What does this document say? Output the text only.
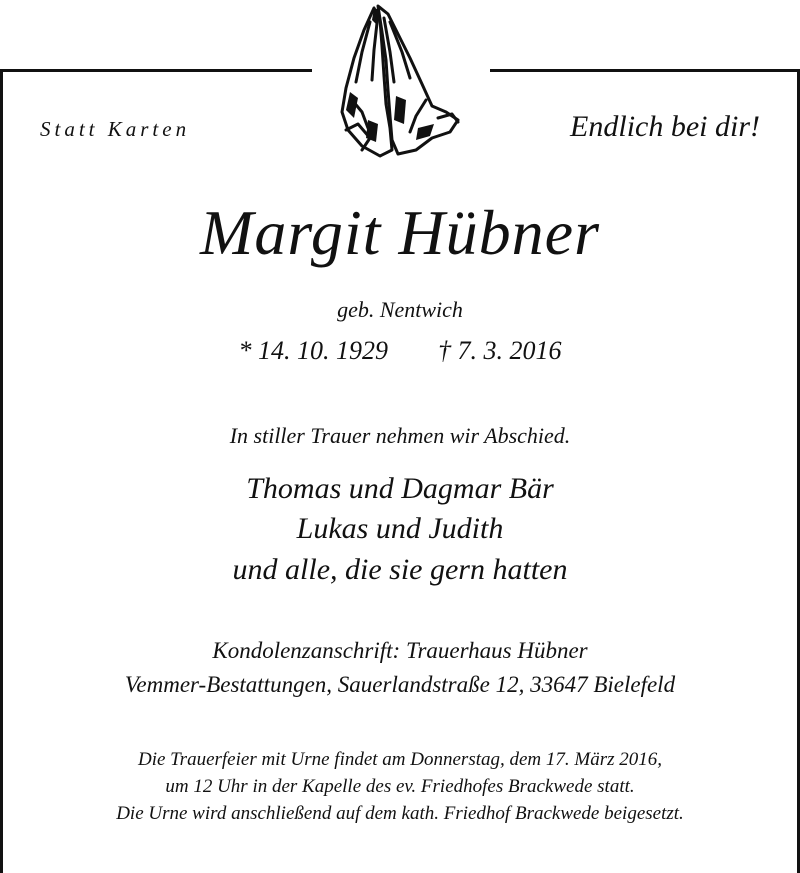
Statt Karten	Endlich bei dir!
Margit Hübner
geb. Nentwich
* 14. 10. 1929 † 7. 3. 2016
In stiller Trauer nehmen wir Abschied.
Thomas und Dagmar Bär
Lukas und Judith
und alle, die sie gern hatten
Kondolenzanschrift: Trauerhaus Hübner
Vemmer-Bestattungen, Sauerlandstraße 12, 33647 Bielefeld
Die Trauerfeier mit Urne findet am Donnerstag, dem 17. März 2016,
um 12 Uhr in der Kapelle des ev. Friedhofes Brackwede statt.
Die Urne wird anschließend auf dem kath. Friedhof Brackwede beigesetzt.
